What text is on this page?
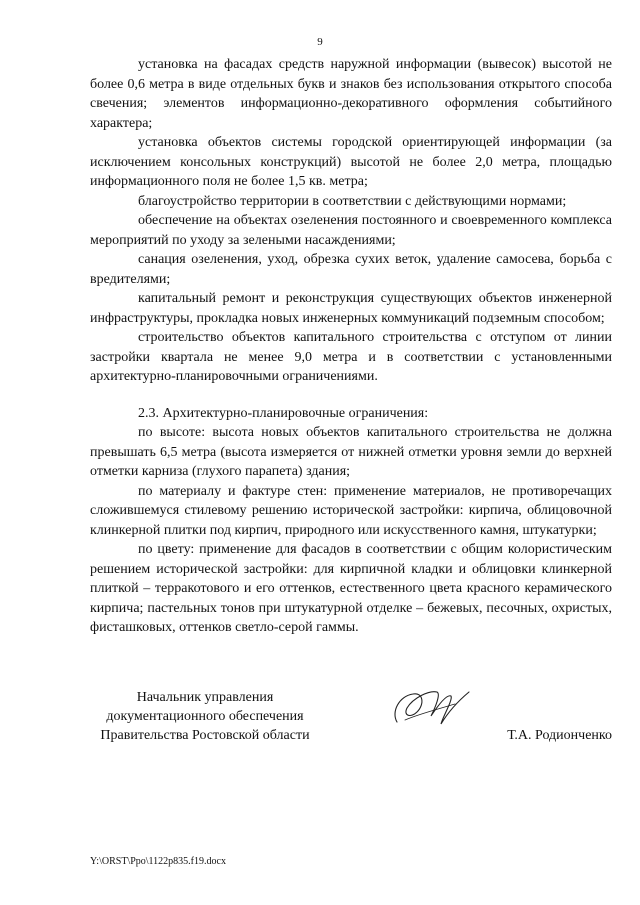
9

установка на фасадах средств наружной информации (вывесок) высотой не более 0,6 метра в виде отдельных букв и знаков без использования открытого способа свечения; элементов информационно-декоративного оформления событийного характера;

установка объектов системы городской ориентирующей информации (за исключением консольных конструкций) высотой не более 2,0 метра, площадью информационного поля не более 1,5 кв. метра;

благоустройство территории в соответствии с действующими нормами;

обеспечение на объектах озеленения постоянного и своевременного комплекса мероприятий по уходу за зелеными насаждениями;

санация озеленения, уход, обрезка сухих веток, удаление самосева, борьба с вредителями;

капитальный ремонт и реконструкция существующих объектов инженерной инфраструктуры, прокладка новых инженерных коммуникаций подземным способом;

строительство объектов капитального строительства с отступом от линии застройки квартала не менее 9,0 метра и в соответствии с установленными архитектурно-планировочными ограничениями.

2.3. Архитектурно-планировочные ограничения:

по высоте: высота новых объектов капитального строительства не должна превышать 6,5 метра (высота измеряется от нижней отметки уровня земли до верхней отметки карниза (глухого парапета) здания;

по материалу и фактуре стен: применение материалов, не противоречащих сложившемуся стилевому решению исторической застройки: кирпича, облицовочной клинкерной плитки под кирпич, природного или искусственного камня, штукатурки;

по цвету: применение для фасадов в соответствии с общим колористическим решением исторической застройки: для кирпичной кладки и облицовки клинкерной плиткой – терракотового и его оттенков, естественного цвета красного керамического кирпича; пастельных тонов при штукатурной отделке – бежевых, песочных, охристых, фисташковых, оттенков светло-серой гаммы.

Начальник управления
документационного обеспечения
Правительства Ростовской области	Т.А. Родионченко
Y:\ORST\Ppo\1122p835.f19.docx
